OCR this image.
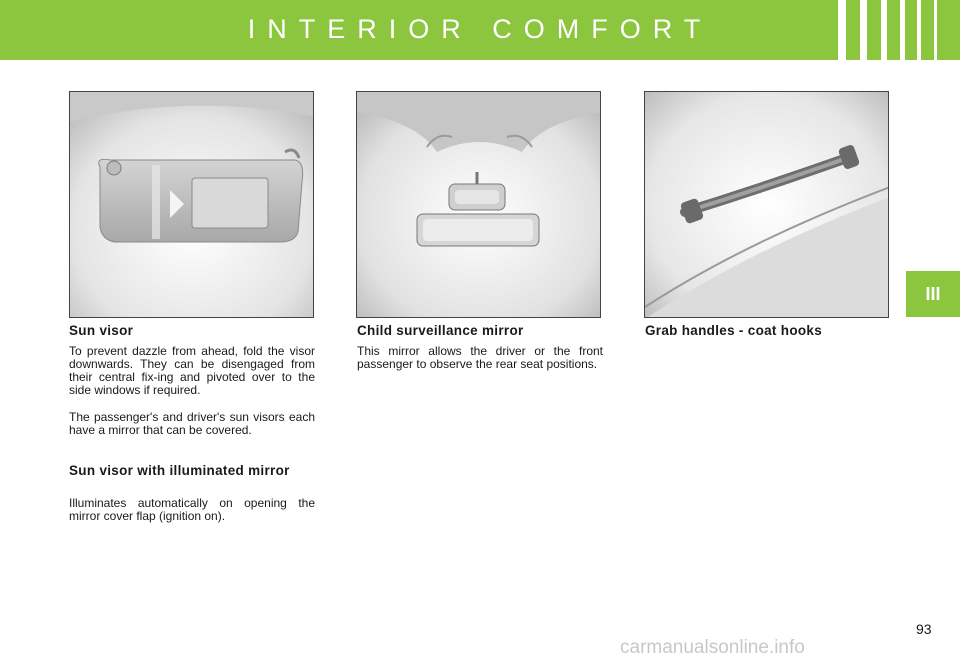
INTERIOR COMFORT
III
Sun visor

To prevent dazzle from ahead, fold the visor downwards. They can be disengaged from their central fix-ing and pivoted over to the side windows if required.

The passenger's and driver's sun visors each have a mirror that can be covered.

Sun visor with illuminated mirror

Illuminates automatically on opening the mirror cover flap (ignition on).

Child surveillance mirror

This mirror allows the driver or the front passenger to observe the rear seat positions.

Grab handles - coat hooks
93
carmanualsonline.info
